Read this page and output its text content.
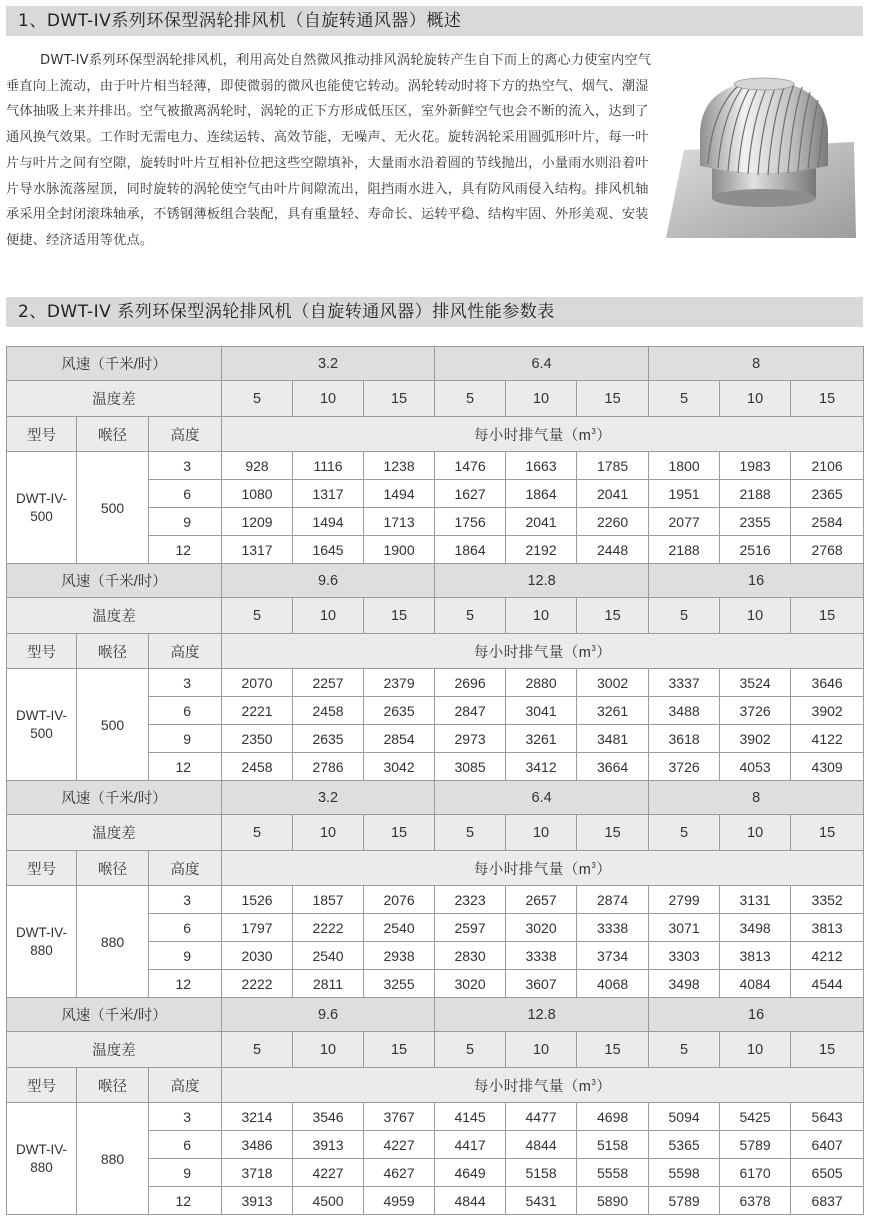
1、DWT-IV系列环保型涡轮排风机（自旋转通风器）概述

DWT-IV系列环保型涡轮排风机，利用高处自然微风推动排风涡轮旋转产生自下而上的离心力使室内空气垂直向上流动，由于叶片相当轻薄，即使微弱的微风也能使它转动。涡轮转动时将下方的热空气、烟气、潮湿气体抽吸上来并排出。空气被撤离涡轮时，涡轮的正下方形成低压区，室外新鲜空气也会不断的流入，达到了通风换气效果。工作时无需电力、连续运转、高效节能，无噪声、无火花。旋转涡轮采用圆弧形叶片，每一叶片与叶片之间有空隙，旋转时叶片互相补位把这些空隙填补，大量雨水沿着圆的节线抛出，小量雨水则沿着叶片导水脉流落屋顶，同时旋转的涡轮使空气由叶片间隙流出，阻挡雨水进入，具有防风雨侵入结构。排风机轴承采用全封闭滚珠轴承，不锈钢薄板组合装配，具有重量轻、寿命长、运转平稳、结构牢固、外形美观、安装便捷、经济适用等优点。

2、DWT-IV 系列环保型涡轮排风机（自旋转通风器）排风性能参数表
风速（千米/时）			3.2			6.4			8		
温度差			5	10	15	5	10	15	5	10	15
型号	喉径	高度	每小时排气量$(m^3)$								
DWT-IV-500	500	3	928	1116	1238	1476	1663	1785	1800	1983	2106
		6	1080	1317	1494	1627	1864	2041	1951	2188	2365
		9	1209	1494	1713	1756	2041	2260	2077	2355	2584
		12	1317	1645	1900	1864	2192	2448	2188	2516	2768
风速（千米/时）			9.6			12.8			16		
温度差			5	10	15	5	10	15	5	10	15
型号	喉径	高度	每小时排气量$(m^3)$								
DWT-IV-500	500	3	2070	2257	2379	2696	2880	3002	3337	3524	3646
		6	2221	2458	2635	2847	3041	3261	3488	3726	3902
		9	2350	2635	2854	2973	3261	3481	3618	3902	4122
		12	2458	2786	3042	3085	3412	3664	3726	4053	4309
风速（千米/时）			3.2			6.4			8		
温度差			5	10	15	5	10	15	5	10	15
型号	喉径	高度	每小时排气量$(m^3)$								
DWT-IV-880	880	3	1526	1857	2076	2323	2657	2874	2799	3131	3352
		6	1797	2222	2540	2597	3020	3338	3071	3498	3813
		9	2030	2540	2938	2830	3338	3734	3303	3813	4212
		12	2222	2811	3255	3020	3607	4068	3498	4084	4544
风速（千米/时）			9.6			12.8			16		
温度差			5	10	15	5	10	15	5	10	15
型号	喉径	高度	每小时排气量$(m^3)$								
DWT-IV-880	880	3	3214	3546	3767	4145	4477	4698	5094	5425	5643
		6	3486	3913	4227	4417	4844	5158	5365	5789	6407
		9	3718	4227	4627	4649	5158	5558	5598	6170	6505
		12	3913	4500	4959	4844	5431	5890	5789	6378	6837
